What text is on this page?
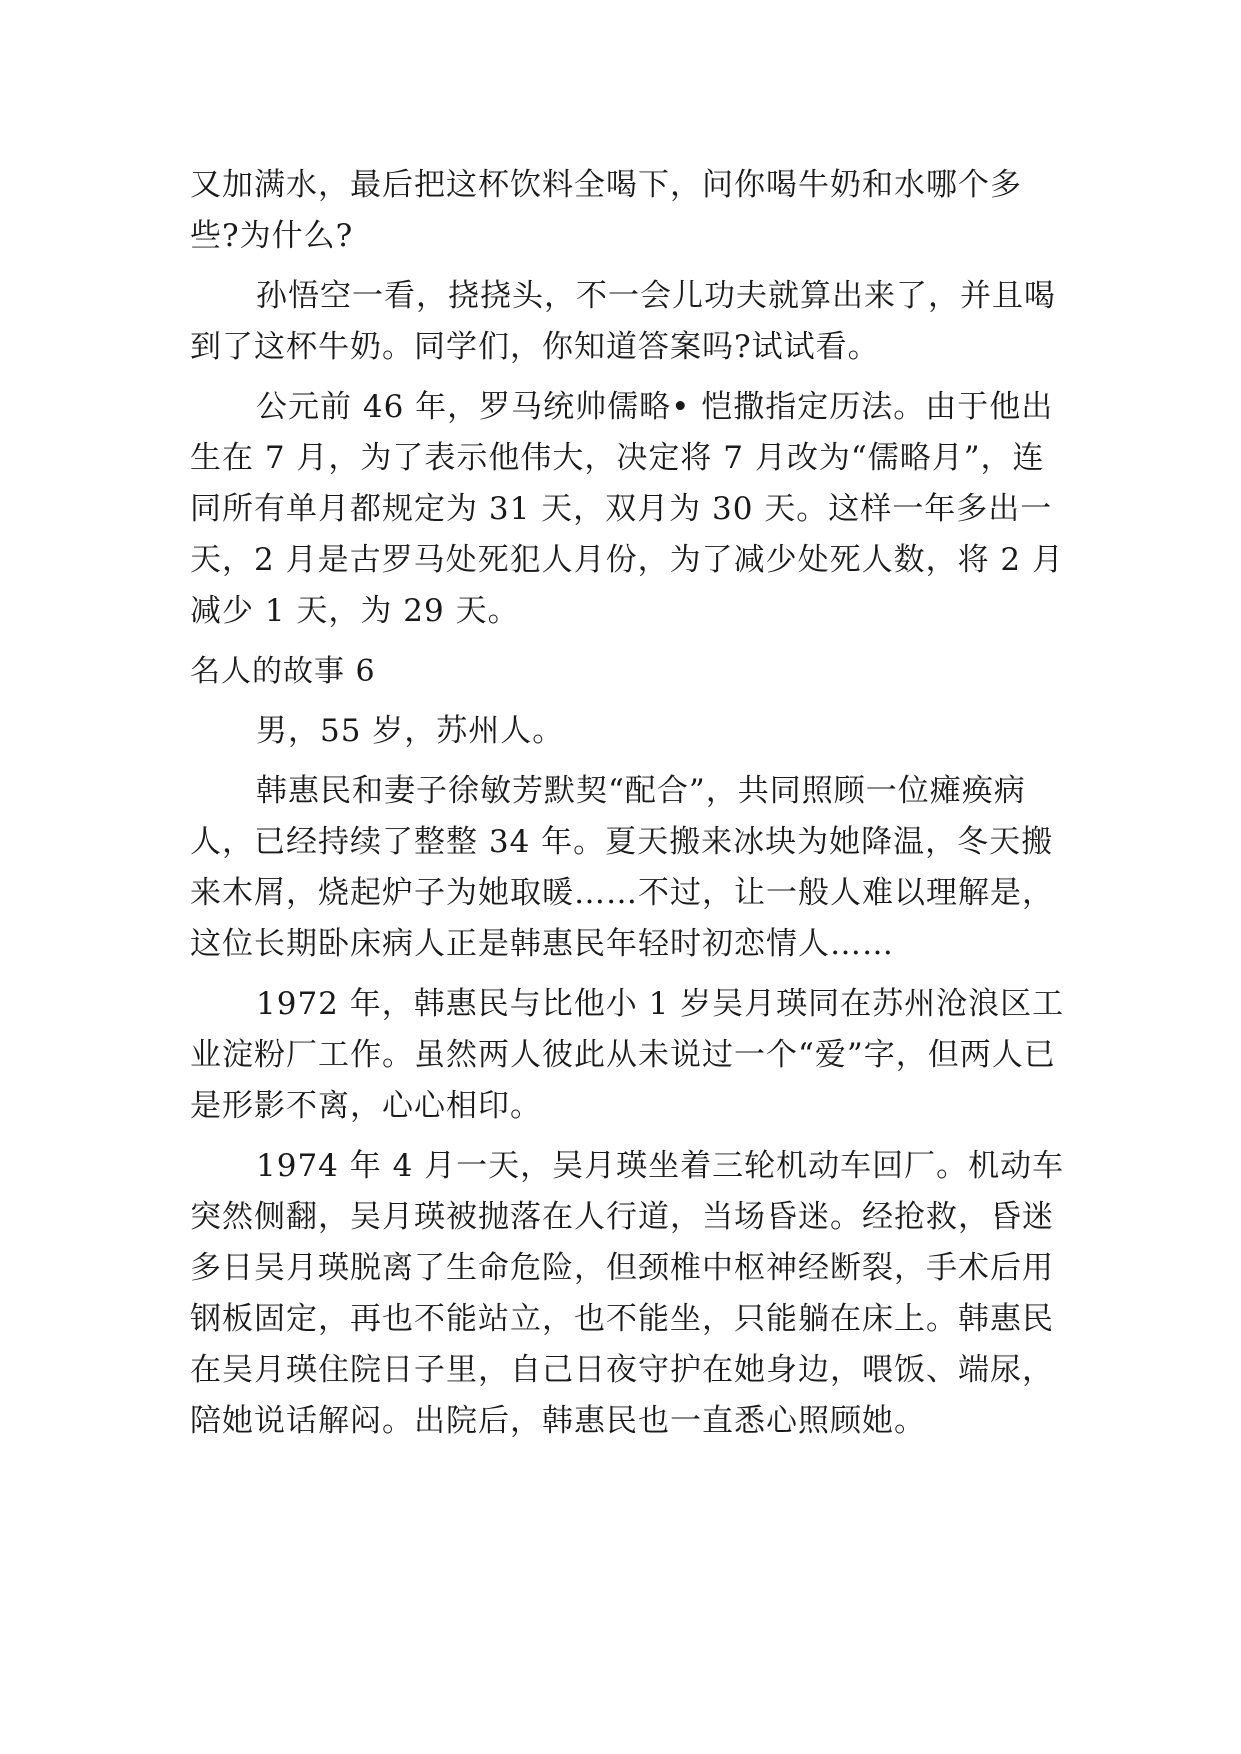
又加满水，最后把这杯饮料全喝下，问你喝牛奶和水哪个多些?为什么?

孙悟空一看，挠挠头，不一会儿功夫就算出来了，并且喝到了这杯牛奶。同学们，你知道答案吗?试试看。

公元前 46 年，罗马统帅儒略• 恺撒指定历法。由于他出生在 7 月，为了表示他伟大，决定将 7 月改为“儒略月”，连同所有单月都规定为 31 天，双月为 30 天。这样一年多出一天，2 月是古罗马处死犯人月份，为了减少处死人数，将 2 月减少 1 天，为 29 天。

名人的故事 6

男，55 岁，苏州人。

韩惠民和妻子徐敏芳默契“配合”，共同照顾一位瘫痪病人，已经持续了整整 34 年。夏天搬来冰块为她降温，冬天搬来木屑，烧起炉子为她取暖……不过，让一般人难以理解是，这位长期卧床病人正是韩惠民年轻时初恋情人……

1972 年，韩惠民与比他小 1 岁吴月瑛同在苏州沧浪区工业淀粉厂工作。虽然两人彼此从未说过一个“爱”字，但两人已是形影不离，心心相印。

1974 年 4 月一天，吴月瑛坐着三轮机动车回厂。机动车突然侧翻，吴月瑛被抛落在人行道，当场昏迷。经抢救，昏迷多日吴月瑛脱离了生命危险，但颈椎中枢神经断裂，手术后用钢板固定，再也不能站立，也不能坐，只能躺在床上。韩惠民在吴月瑛住院日子里，自己日夜守护在她身边，喂饭、端尿，陪她说话解闷。出院后，韩惠民也一直悉心照顾她。
